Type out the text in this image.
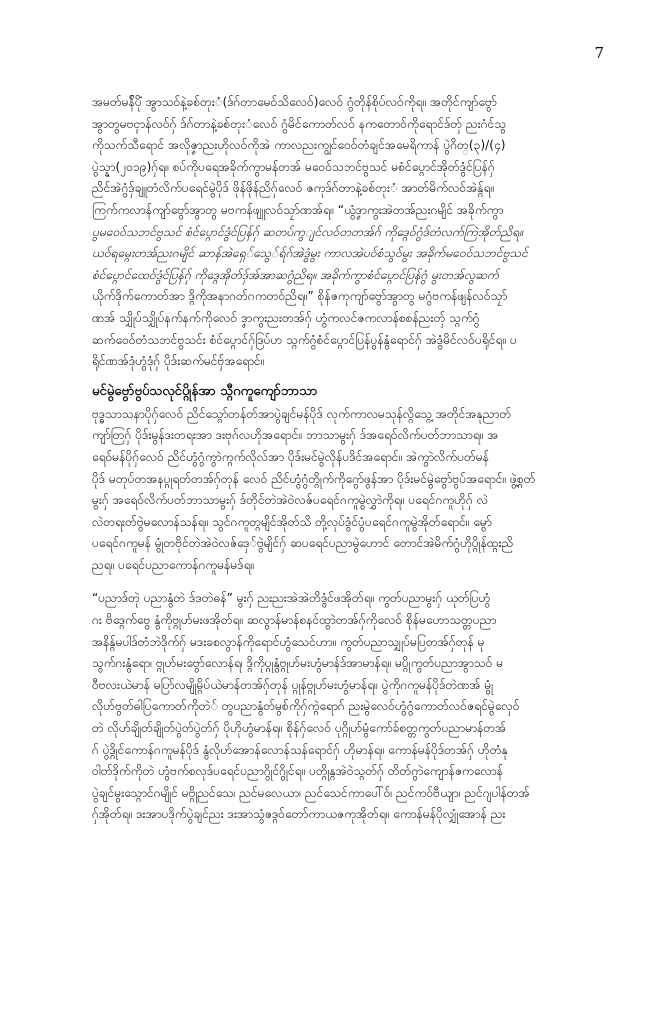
7

အမတ်မန်ိပိုံ အွာသဝ်နဲ့ခစ်တုးံ(ဒ်ဂ်တာမေဝ်သိလေဝ်)လေဝ် ဂွံတိုန်စိုပ်လဝ်ကိုရ။ အတိုင်ကျာ်ဗွော်
အွာတွမဗၚာန်လဝ်ဂှ် ဒ်ဂ်တာနဲ့ခစ်တုးံလေဝ် ဂွံမိင်ကောတ်လဝ် နကတောဝ်ကိုရောင်ဒ်တှ် ညးဂံင်သွ
ကိုသက်သီရောင် အလိုဇၞာညးဟိုလဝ်ကိုအဲ ကာလညးကျွင်ဝေဝ်တံချင်အမေရိကာန် ပွဲဂိတ္(၃)/(၄)
ပွဲသ္နာ(၂၀၁၉)ဂှ်ရ။ စပ်ကိုပရေအခိုက်ကွာမန်တအ် မဝေဝ်သဘင်ဗွသင် မစံင်ပ္ဂောင်အိုတ်ဒွံင်ပြန်ဂှ်
ညိင်အဲဂွံဒှ်ချူတံလိက်ပရေင်မွဲပိုဒ် ဖိုန်ဖိုန်ညိဂှ်လေဝ် ဇကုဒ်ဂ်တာနဲ့ခစ်တုးံ အာတ်မိက်လဝ်အဲန္ဂ်ရ။
ကြက်ကလာန်ကျာ်ဗွော်အွာတွ မဗကန်ဖျူလဝ်သၠာ်ဏအ်ရ။ “ယွံဒၞာကွးအဲတအ်ညးဂမျိင် အခိုက်ကွာ
ပွမဝေဝ်သဘင်ဗွသင် စံင်ပ္ဂောင်ဒွံင်ပြန်ဂှ် ဆတပ်ကွျင်လဝ်တတအ်ဂ် ကိုဒ္ဂေဝ်ဂွံဒ်တံလက်ကြဲအိုတ်ညိရ။
ယဝ်ရမ္ဂေးတအ်ညးဂမျိင် ဆာန်အဲရှေ်သွေ်ရ်ဂ်အဲဒွံမွး ကာလအဲပဝ်စံသွဝ်မွး အခိုက်မဝေဝ်သဘင်ဗွသင်
စံင်ပ္ဂောင်ထေဝ်ဒွံင်ပြန်ဂှ် ကိုဒ္ဂေအိုတ်ဒှ်အ်အာဆဂွံညိရ။ အခိုက်ကွာစံင်ပ္ဂောင်ပြန်ဂွံ မွးတအ်လွဆက်
ယိုက်ဒိုက်ကောတ်အာ ဒ္ဂိကိုအနာဂတ်ဂကတဝ်ညိရ။” စိုန်ဇကုကျာ်ဗွော်အွာတွ မဂွံဗကန်ဖျန်လဝ်သၠာ်
ဏအ် သျှိုပ်သျှိုပ်နက်နက်ကိုလေဝ် ဒၞာကွးညးတအ်ဂှ် ဟွံကလင်ဇကလာန်စစန်ညးတှ် သ္ဂက်ဂွံ
ဆက်ဝေဝ်တံသဘင်ဗွသင်း စံင်ပ္ဂောင်ဂှ်ဒြပ်ဟ သ္ဂက်ဂွံစံင်ပ္ဂောင်ပြန်ပွန်နွံရောင်ဂှ် အဲဒွံမိင်လဝ်ပရိုင်ရ။ ပ
ရိုင်ဏအ်ဒုံဟွံဒုံဂှ် ပိုဒ်းဆက်မင်ဗှ်အရောင်။

မင်မွဲဗွော်ဗွပ်သလုင်ပ္ဂိုန်အာ သ္ဂီဂကူကျော်ဘာသာ

ဗုဒ္ဓသာသနာပိုဂှ်လေဝ် ညိင်သ္ဂော်တန်တ်အာပွဲချင်မန်ပိုဒ် လုက်ကာလမသုန်လ္ဂိသ္ဂေ့ အတိုင်အနုညာတ်
ကျာ်တြဂ်ှ ပိုဒ်းမွန်ဒးတရးအာ ဒးဗုဂ်လဟိုအရောင်။ ဘာသာမွးဂ်ှ ဒ်အရေဝ်လိက်ပတ်ဘာသာရ။ အ
ရေဝ်မန်ပိုဂ်ှလေဝ် ညိင်ဟွံဂွံကွာဲက္ဂက်လိုလ်အာ ပိုဒ်းမင်မွဲလိုန်ပဒိင်အရောင်။ အဲကွာဲလိက်ပတ်မန်
ပိုဒ် မတုပ်တအနပ္ဂုရတ်တအ်ဂ်ှတုန် လေဝ် ညိင်ဟွံဂွံတ္ဂိုက်ကိုဂွော်ဖွန်အာ ပိုဒ်းမင်မွဲဗွော်ဗွပ်အရောင်။ ဖွဲ့စ္ဂတ်
မွးဂ်ှ အရေဝ်လိက်ပတ်ဘာသာမွးဂ်ှ ဒ်တိုင်တဲအဲဝဲလဇ်ပရေင်ဂကူမွဲလွှာဲကိုရ။ ပရေင်ဂကူဟိုဂ်ှ လဲ
လဲတရးတ်ဗွဲမလောန်သန်ရ။ သွင်ဂကူတ္ဂမျိင်အိုတ်သိ တို့လုပ်ဒွံင်ပွံပရေင်ဂကူမွဲအိုတ်ရောင်။ မွော်
ပရေင်ဂကူမန် မွုံတဗိုင်တဲအဲဝဲလဇ်ဒှေ်ဗွဲမျိင်ဂ်ှ ဆပရေင်ပညာမွဲဟောင် တောင်အဲမိက်ဂွံဟိုပ္ဂိုန်ထ္ဂးညိ
ညရ။ ပရေင်ပညာကောန်ဂကူမန်မဒ်ရ။

“ပညာဒ်တုဲ ပညာနွံတဲ ဒ်ဒတဲဓန်” မွးဂ်ှ ညးညးအဲအဲတိဒွံင်ဖအိုတ်ရ။ ကွတ်ပညာမွးဂ်ှ ယုတ်ပြဟွံ
ဂး ဗိဒ္ဂေက်ဗွေ နွံကိုဗ္ဂုဟ်မးဖအိုတ်ရ။ ဆလွာန်မာန်စနင်ထွာဲတအ်ဂ်ှကိုလေဝ် စိုန်မဟောသတ္တပညာ
အနိန္ဂ်မပါဒ်တံဘဲဒိုက်ဂ်ှ မဒးခစလွာန်ကိုရောင်ဟွံသေင်ဟာ။ ကွတ်ပညာသျှုပ်မပြတအ်ဂ်ှတုန် မု
သွက်ဂးနွံရော၊ ဗ္ဂုဟ်မးဗွော်လောန်ရ၊ ဒ္ဂိကိုပ္ဂုနွံဗ္ဂုဟ်မးဟွံမာန်ဒ်အာမာန်ရ။ မပ္ဂိုကွတ်ပညာအွာသဝ် မ
ဝီဗလးယဲမာန် မပြာ်လမျိုမ္ဂိပ်ယဲမာန်တအ်ဂ်ှတုန် ပ္ဂုန်ဗ္ဂုဟ်မးဟွံမာန်ရ။ ပွဲကိုဂကူမန်ပိုဒ်တဲဏအ် မွုံ
လိုဟ်ဗွတ်ဓါပြကောတ်ကိုတဲ် တွပညာနွံတ်မွစ်ကိုဂ်ှက္ဂဲရောဂ် ညးမွဲလေဝ်ဟွံဂွံကောတ်လဝ်ဇရင်မွဲလှေဝ်
တဲ လိုဟ်ချိုတ်ချိုတ်ပွဲတ်ပွဲတ်ဂ်ှ ပိုဟိုဟွံမာန်ရ။ စိုန်ဂ်ှလေဝ် ပုဂ္ဂိုဟ်မွံကော်ခ်စတ္တကွတ်ပညာမာန်တအ်
ဂ် ပွဲဒ္ဂိုင်ကောန်ဂကူမန်ပိုဒ် နွံလိုဟ်အောန်လောန်သန်ရောင်ဂ်ှ ဟိုမာန်ရ။ ကောန်မန်ပိုဒ်တအ်ဂ်ှ ဟိုတံနု
ဝါတ်ဒိုက်ကိုတဲ ဟွံဗက်စလုဒ်ပရေင်ပညာဂွိုင်ဂွိုင်ရ။ ပတ္ဂိုန္ဂအဲဝဲသ္ဂတ်ဂ်ှ တိတ်ဂွာဲကျောန်ဇကလောန်
ပွဲချင်မွးသ္ဂောင်ဂမျိုင် မဗ္ဂိုညင်သေ၊ ညင်မလေယာ၊ ညင်သေင်ကာပေါ်ဝ်၊ ညင်ကဝ်ဗီယျာ၊ ညင်ဂျပါန်တအ်
ဂ်ှအိုတ်ရ။ ဒးအာပဒိုက်ပွဲချင်ညး ဒးအာသွံဇဒ္ဂဝ်တော်ကာယဇကုအိုတ်ရ။ ကောန်မန်ပိုလျှုံအောန် ညး
